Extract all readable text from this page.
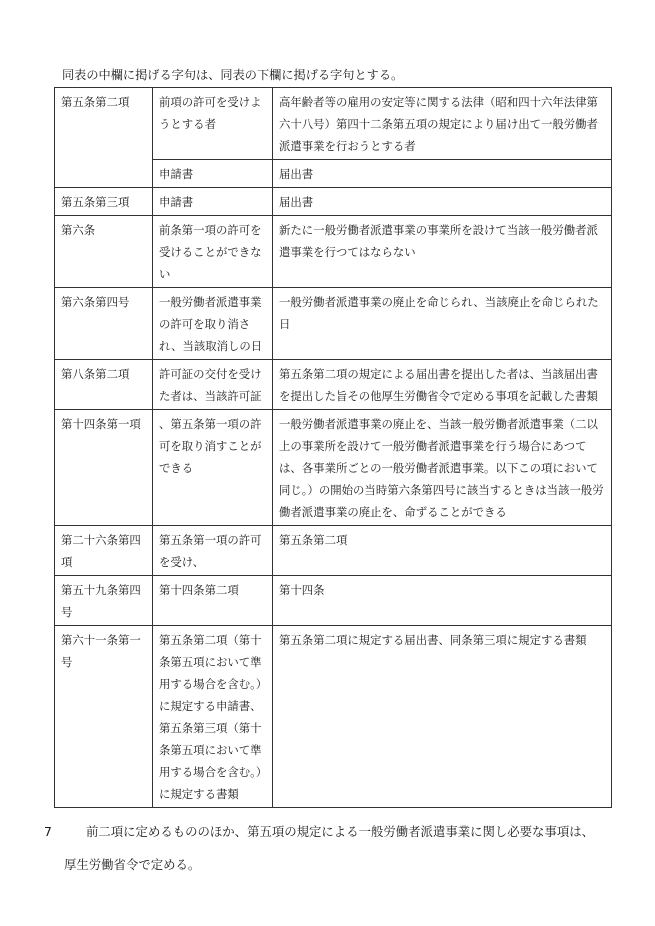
同表の中欄に掲げる字句は、同表の下欄に掲げる字句とする。
第五条第二項	前項の許可を受けようとする者	高年齢者等の雇用の安定等に関する法律（昭和四十六年法律第六十八号）第四十二条第五項の規定により届け出て一般労働者派遣事業を行おうとする者
	申請書	届出書
第五条第三項	申請書	届出書
第六条	前条第一項の許可を受けることができない	新たに一般労働者派遣事業の事業所を設けて当該一般労働者派遣事業を行つてはならない
第六条第四号	一般労働者派遣事業の許可を取り消され、当該取消しの日	一般労働者派遣事業の廃止を命じられ、当該廃止を命じられた日
第八条第二項	許可証の交付を受けた者は、当該許可証	第五条第二項の規定による届出書を提出した者は、当該届出書を提出した旨その他厚生労働省令で定める事項を記載した書類
第十四条第一項	、第五条第一項の許可を取り消すことができる	一般労働者派遣事業の廃止を、当該一般労働者派遣事業（二以上の事業所を設けて一般労働者派遣事業を行う場合にあつては、各事業所ごとの一般労働者派遣事業。以下この項において同じ。）の開始の当時第六条第四号に該当するときは当該一般労働者派遣事業の廃止を、命ずることができる
第二十六条第四項	第五条第一項の許可を受け、	第五条第二項
第五十九条第四号	第十四条第二項	第十四条
第六十一条第一号	第五条第二項（第十条第五項において準用する場合を含む。）に規定する申請書、第五条第三項（第十条第五項において準用する場合を含む。）に規定する書類	第五条第二項に規定する届出書、同条第三項に規定する書類
7	前二項に定めるもののほか、第五項の規定による一般労働者派遣事業に関し必要な事項は、
厚生労働省令で定める。
